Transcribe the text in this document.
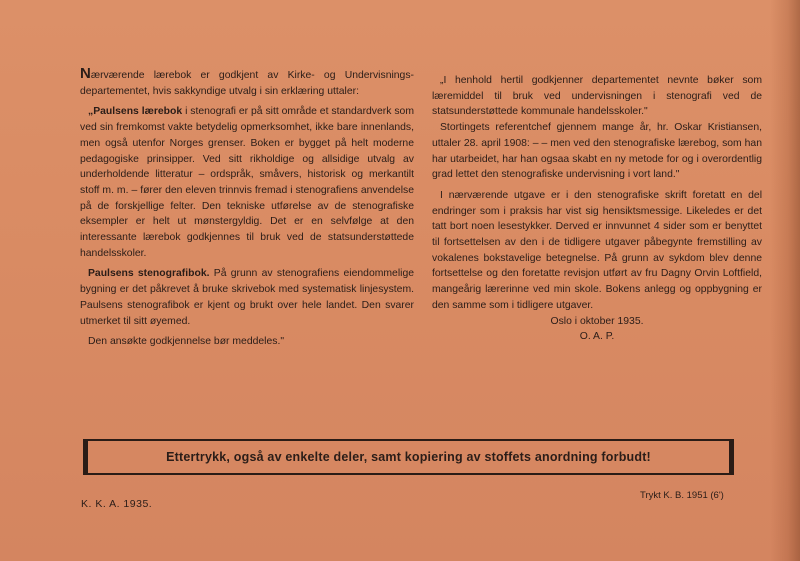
Nærværende lærebok er godkjent av Kirke- og Undervisnings-departementet, hvis sakkyndige utvalg i sin erklæring uttaler:

„Paulsens lærebok i stenografi er på sitt område et standardverk som ved sin fremkomst vakte betydelig opmerksomhet, ikke bare innenlands, men også utenfor Norges grenser. Boken er bygget på helt moderne pedagogiske prinsipper. Ved sitt rikholdige og allsidige utvalg av underholdende litteratur – ordspråk, småvers, historisk og merkantilt stoff m. m. – fører den eleven trinnvis fremad i stenografiens anvendelse på de forskjellige felter. Den tekniske utførelse av de stenografiske eksempler er helt ut mønstergyldig. Det er en selvfølge at den interessante lærebok godkjennes til bruk ved de statsunderstøttede handelsskoler.

Paulsens stenografibok. På grunn av stenografiens eiendommelige bygning er det påkrevet å bruke skrivebok med systematisk linjesystem. Paulsens stenografibok er kjent og brukt over hele landet. Den svarer utmerket til sitt øyemed.

Den ansøkte godkjennelse bør meddeles."

„I henhold hertil godkjenner departementet nevnte bøker som læremiddel til bruk ved undervisningen i stenografi ved de statsunderstøttede kommunale handelsskoler."

Stortingets referentchef gjennem mange år, hr. Oskar Kristiansen, uttaler 28. april 1908: – – men ved den stenografiske lærebog, som han har utarbeidet, har han ogsaa skabt en ny metode for og i overordentlig grad lettet den stenografiske undervisning i vort land."

I nærværende utgave er i den stenografiske skrift foretatt en del endringer som i praksis har vist sig hensiktsmessige. Likeledes er det tatt bort noen lesestykker. Derved er innvunnet 4 sider som er benyttet til fortsettelsen av den i de tidligere utgaver påbegynte fremstilling av vokalenes bokstavelige betegnelse. På grunn av sykdom blev denne fortsettelse og den foretatte revisjon utført av fru Dagny Orvin Loftfield, mangeårig lærerinne ved min skole. Bokens anlegg og oppbygning er den samme som i tidligere utgaver.

Oslo i oktober 1935.

O. A. P.

Ettertrykk, også av enkelte deler, samt kopiering av stoffets anordning forbudt!
K. K. A. 1935.
Trykt K. B. 1951 (6')
